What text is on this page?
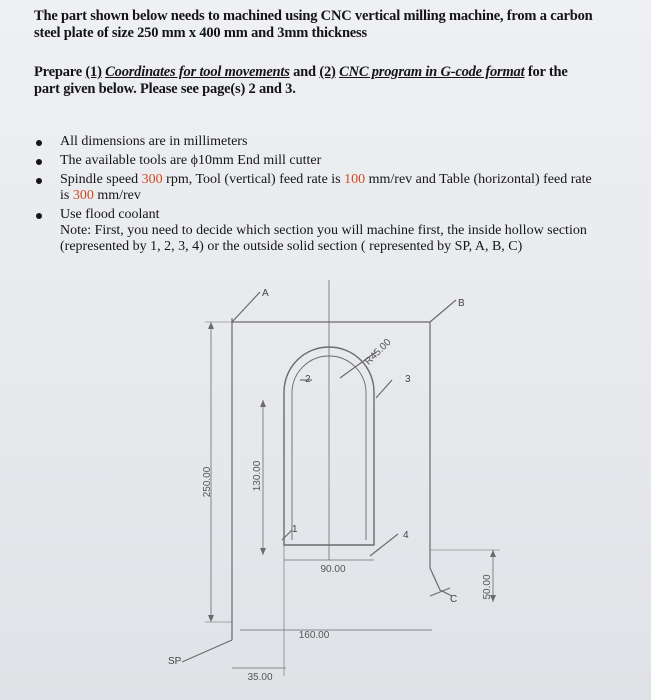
The part shown below needs to machined using CNC vertical milling machine, from a carbon
steel plate of size 250 mm x 400 mm and 3mm thickness
Prepare (1) Coordinates for tool movements and (2) CNC program in G-code format for the
part given below. Please see page(s) 2 and 3.
All dimensions are in millimeters
The available tools are ϕ10mm End mill cutter
Spindle speed 300 rpm, Tool (vertical) feed rate is 100 mm/rev and Table (horizontal) feed rate
is 300 mm/rev
Use flood coolant
Note: First, you need to decide which section you will machine first, the inside hollow section
(represented by 1, 2, 3, 4) or the outside solid section ( represented by SP, A, B, C)
A
B
C
SP
1
2	3
4
250.00	130.00
R45.00
90.00
160.00
35.00
50.00
